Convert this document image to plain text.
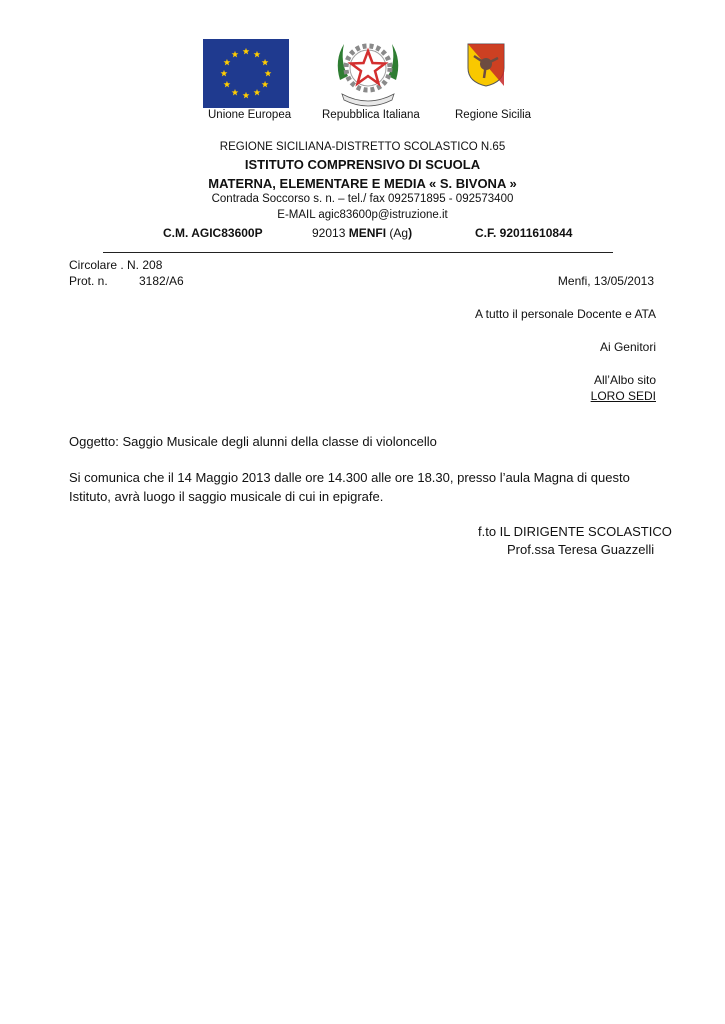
Unione Europea	Repubblica Italiana	Regione Sicilia
REGIONE SICILIANA-DISTRETTO SCOLASTICO N.65
ISTITUTO COMPRENSIVO DI SCUOLA
MATERNA, ELEMENTARE E MEDIA « S. BIVONA »
Contrada Soccorso s. n. – tel./ fax 092571895 - 092573400
E-MAIL agic83600p@istruzione.it
C.M. AGIC83600P	92013 MENFI (Ag)	C.F. 92011610844
Circolare . N. 208
Prot. n.	3182/A6	Menfi, 13/05/2013
A tutto il personale Docente e ATA
Ai Genitori
All’Albo sito
LORO SEDI
Oggetto: Saggio Musicale degli alunni della classe di violoncello
Si comunica che il 14 Maggio 2013 dalle ore 14.300 alle ore 18.30, presso l’aula Magna di questo
Istituto, avrà luogo il saggio musicale di cui in epigrafe.
f.to IL DIRIGENTE SCOLASTICO
Prof.ssa Teresa Guazzelli
